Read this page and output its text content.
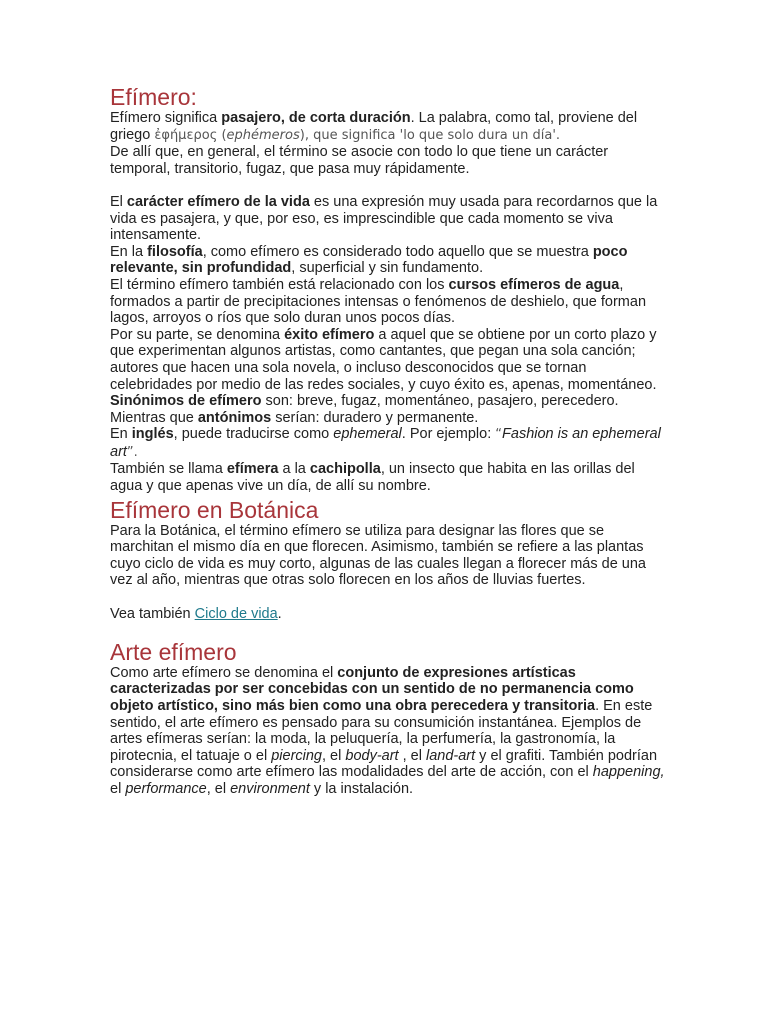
Efímero:

Efímero significa pasajero, de corta duración. La palabra, como tal, proviene del griego ἐφήμερος (ephémeros), que significa 'lo que solo dura un día'.
De allí que, en general, el término se asocie con todo lo que tiene un carácter temporal, transitorio, fugaz, que pasa muy rápidamente.

El carácter efímero de la vida es una expresión muy usada para recordarnos que la vida es pasajera, y que, por eso, es imprescindible que cada momento se viva intensamente.

En la filosofía, como efímero es considerado todo aquello que se muestra poco relevante, sin profundidad, superficial y sin fundamento.

El término efímero también está relacionado con los cursos efímeros de agua, formados a partir de precipitaciones intensas o fenómenos de deshielo, que forman lagos, arroyos o ríos que solo duran unos pocos días.

Por su parte, se denomina éxito efímero a aquel que se obtiene por un corto plazo y que experimentan algunos artistas, como cantantes, que pegan una sola canción; autores que hacen una sola novela, o incluso desconocidos que se tornan celebridades por medio de las redes sociales, y cuyo éxito es, apenas, momentáneo.

Sinónimos de efímero son: breve, fugaz, momentáneo, pasajero, perecedero. Mientras que antónimos serían: duradero y permanente.

En inglés, puede traducirse como ephemeral. Por ejemplo: “Fashion is an ephemeral art”.

También se llama efímera a la cachipolla, un insecto que habita en las orillas del agua y que apenas vive un día, de allí su nombre.

Efímero en Botánica

Para la Botánica, el término efímero se utiliza para designar las flores que se marchitan el mismo día en que florecen. Asimismo, también se refiere a las plantas cuyo ciclo de vida es muy corto, algunas de las cuales llegan a florecer más de una vez al año, mientras que otras solo florecen en los años de lluvias fuertes.

Vea también Ciclo de vida.

Arte efímero

Como arte efímero se denomina el conjunto de expresiones artísticas caracterizadas por ser concebidas con un sentido de no permanencia como objeto artístico, sino más bien como una obra perecedera y transitoria. En este sentido, el arte efímero es pensado para su consumición instantánea. Ejemplos de artes efímeras serían: la moda, la peluquería, la perfumería, la gastronomía, la pirotecnia, el tatuaje o el piercing, el body-art , el land-art y el grafiti. También podrían considerarse como arte efímero las modalidades del arte de acción, con el happening, el performance, el environment y la instalación.
